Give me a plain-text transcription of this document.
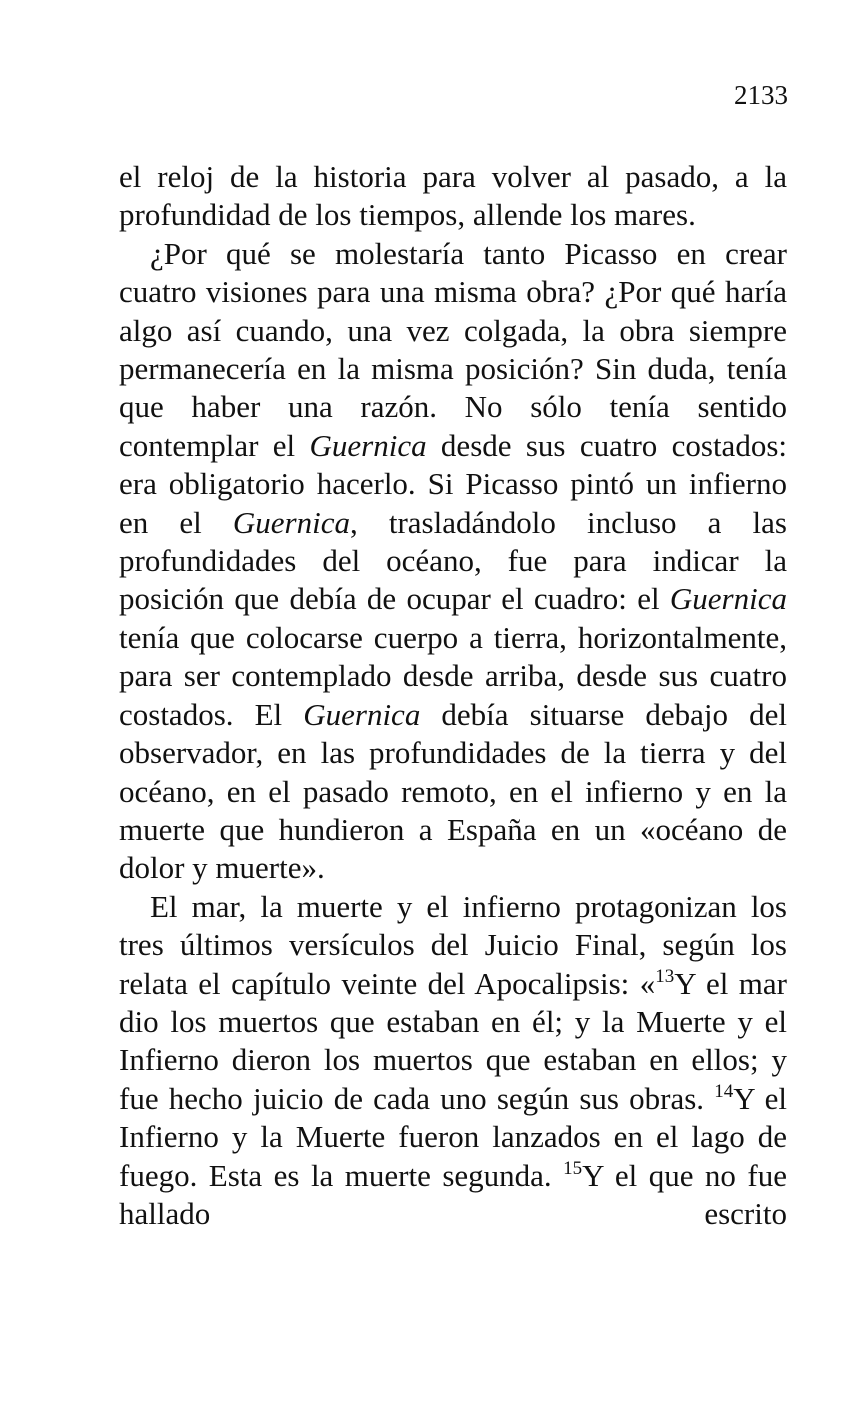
2133

el reloj de la historia para volver al pasado, a la profundidad de los tiempos, allende los mares.

¿Por qué se molestaría tanto Picasso en crear cuatro visiones para una misma obra? ¿Por qué haría algo así cuando, una vez colgada, la obra siempre permanecería en la misma posición? Sin duda, tenía que haber una razón. No sólo tenía sentido contemplar el Guernica desde sus cuatro costados: era obligatorio hacerlo. Si Picasso pintó un infierno en el Guernica, trasladándolo incluso a las profundidades del océano, fue para indicar la posición que debía de ocupar el cuadro: el Guernica tenía que colocarse cuerpo a tierra, horizontalmente, para ser contemplado desde arriba, desde sus cuatro costados. El Guernica debía situarse debajo del observador, en las profundidades de la tierra y del océano, en el pasado remoto, en el infierno y en la muerte que hundieron a España en un «océano de dolor y muerte».

El mar, la muerte y el infierno protagonizan los tres últimos versículos del Juicio Final, según los relata el capítulo veinte del Apocalipsis: «$^{13}$Y el mar dio los muertos que estaban en él; y la Muerte y el Infierno dieron los muertos que estaban en ellos; y fue hecho juicio de cada uno según sus obras. $^{14}$Y el Infierno y la Muerte fueron lanzados en el lago de fuego. Esta es la muerte segunda. $^{15}$Y el que no fue hallado escrito
